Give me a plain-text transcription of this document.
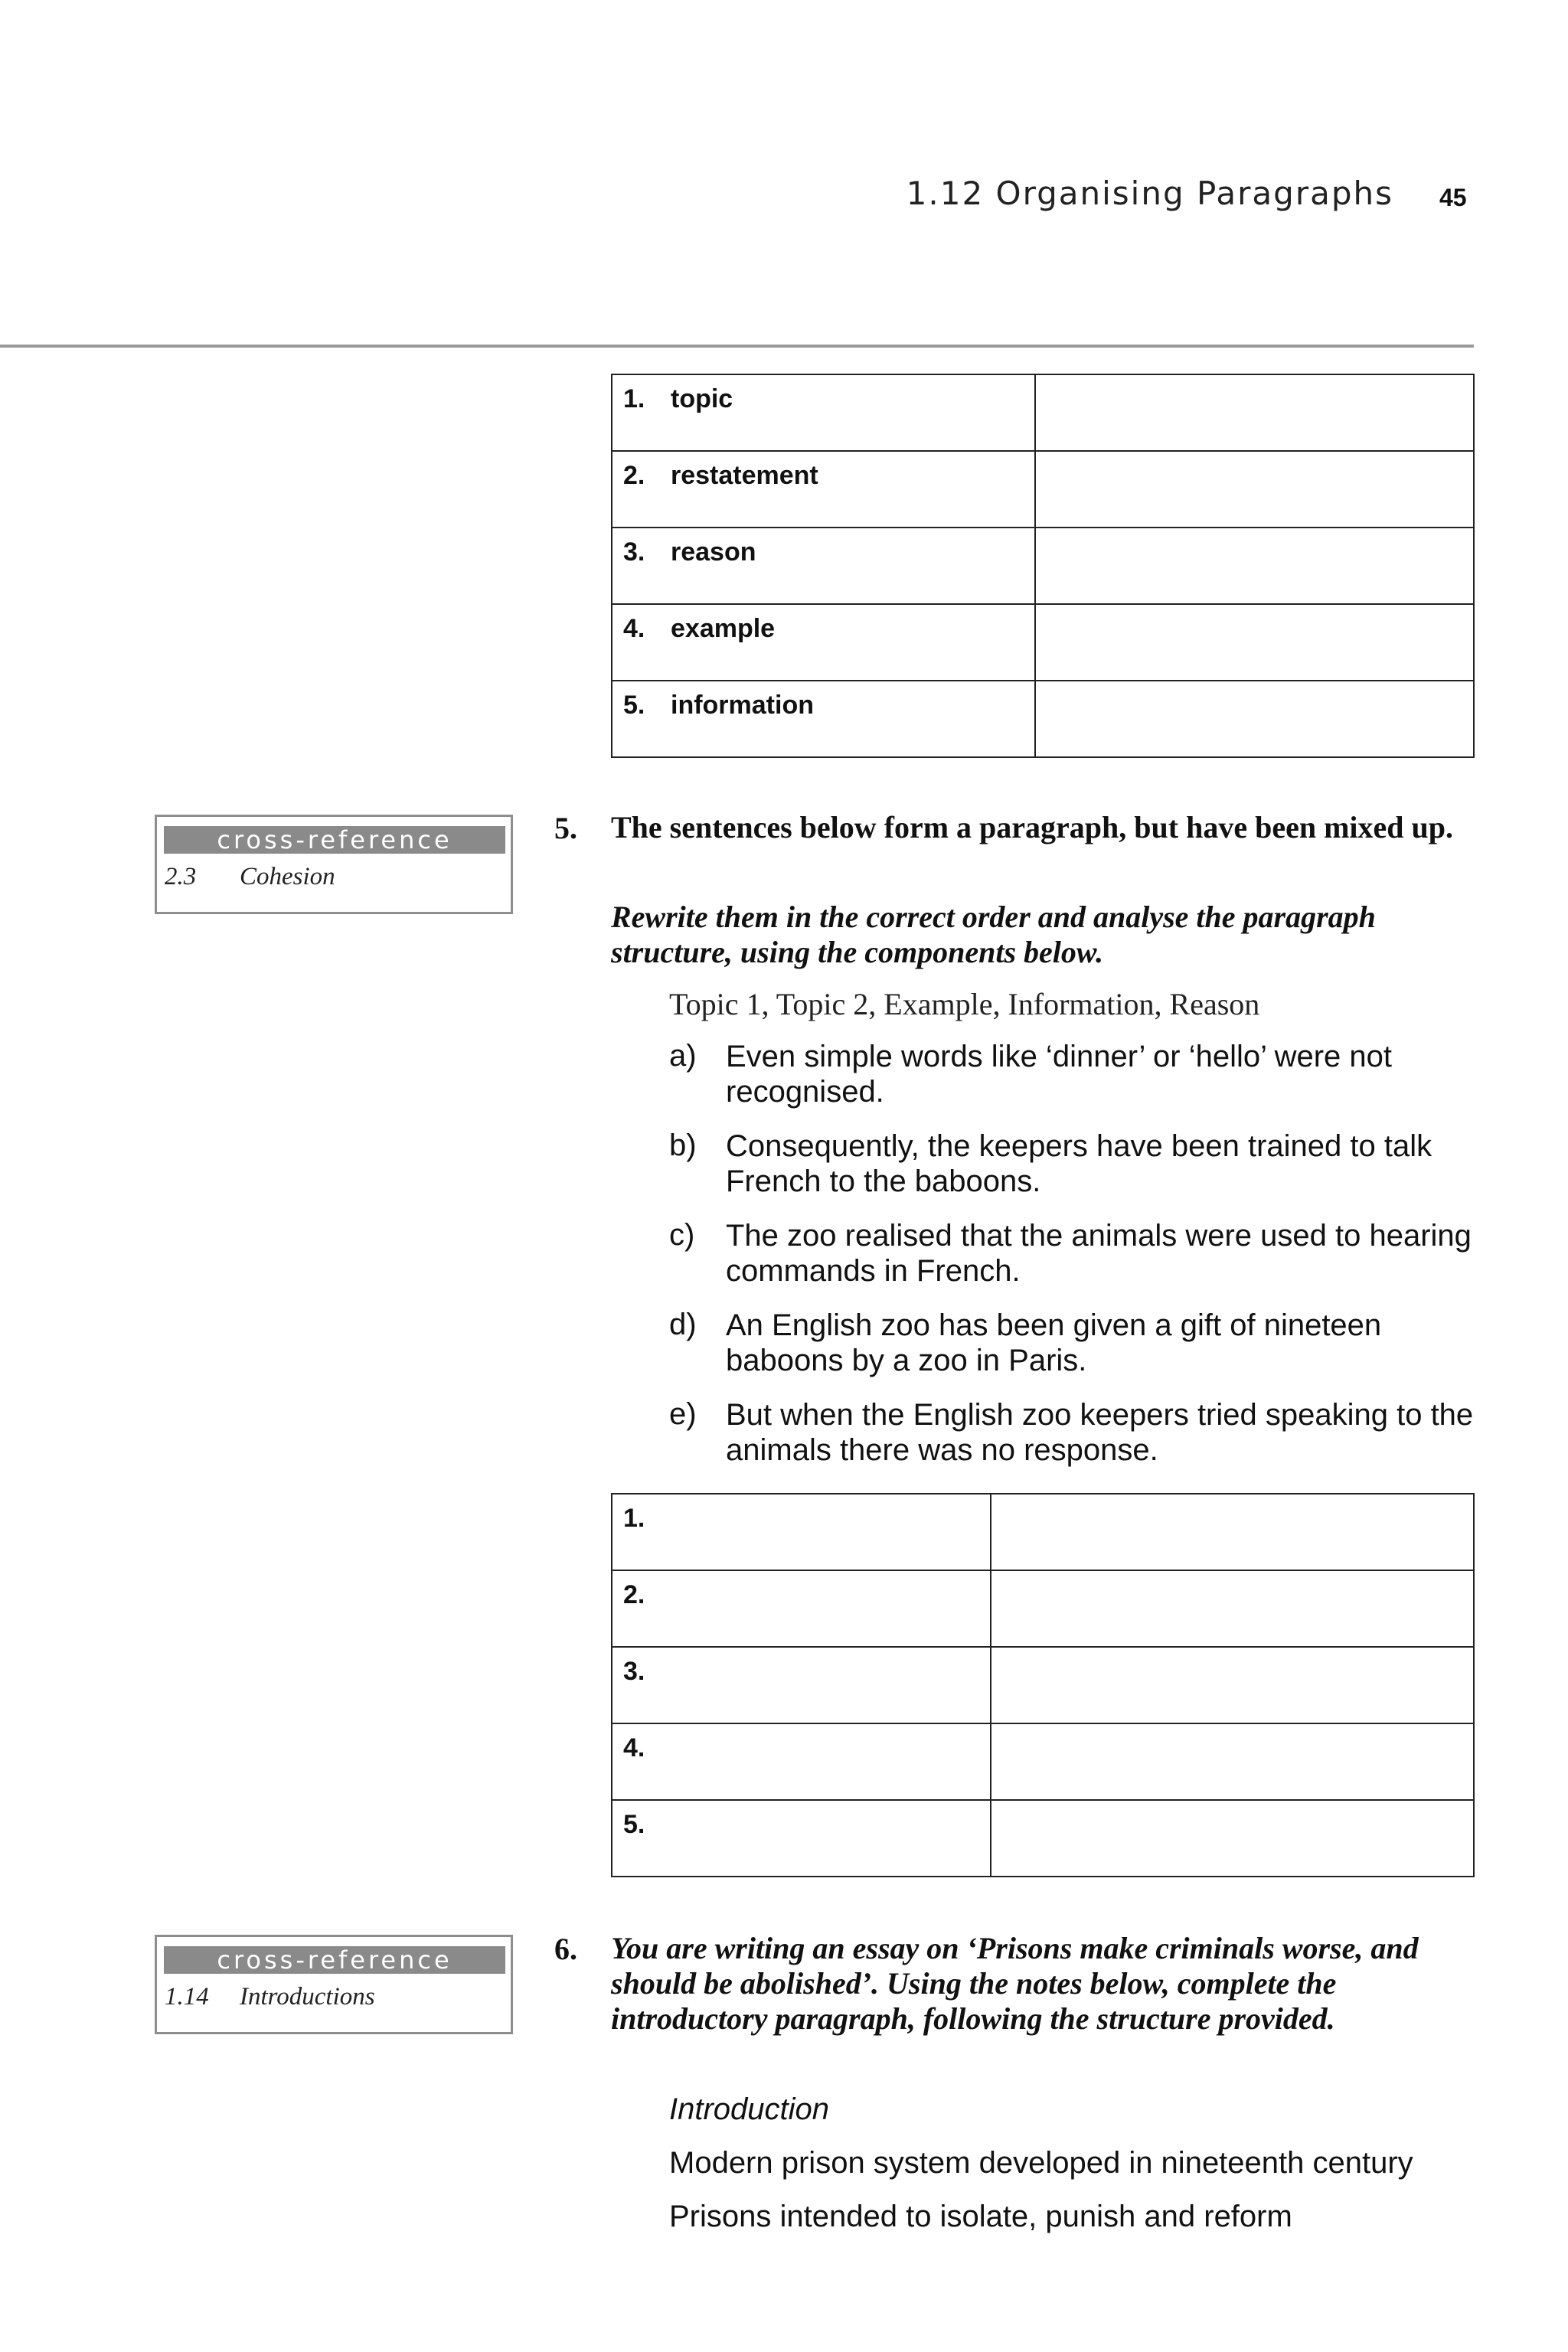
1.12 Organising Paragraphs 45
1. topic	

2. restatement	

3. reason	

4. example	

5. information	

cross-reference
2.3 Cohesion
5. The sentences below form a paragraph, but have been mixed up.
Rewrite them in the correct order and analyse the paragraph structure, using the components below.
Topic 1, Topic 2, Example, Information, Reason
a) Even simple words like ‘dinner’ or ‘hello’ were not recognised.
b) Consequently, the keepers have been trained to talk French to the baboons.
c)	The zoo realised that the animals were used to hearing commands in French.
d) An English zoo has been given a gift of nineteen baboons by a zoo in Paris.
e) But when the English zoo keepers tried speaking to the animals there was no response.
1.	

2.	

3.	

4.	

5.	

cross-reference
1.14 Introductions
6. You are writing an essay on ‘Prisons make criminals worse, and should be abolished’. Using the notes below, complete the introductory paragraph, following the structure provided.
Introduction
Modern prison system developed in nineteenth century
Prisons intended to isolate, punish and reform
